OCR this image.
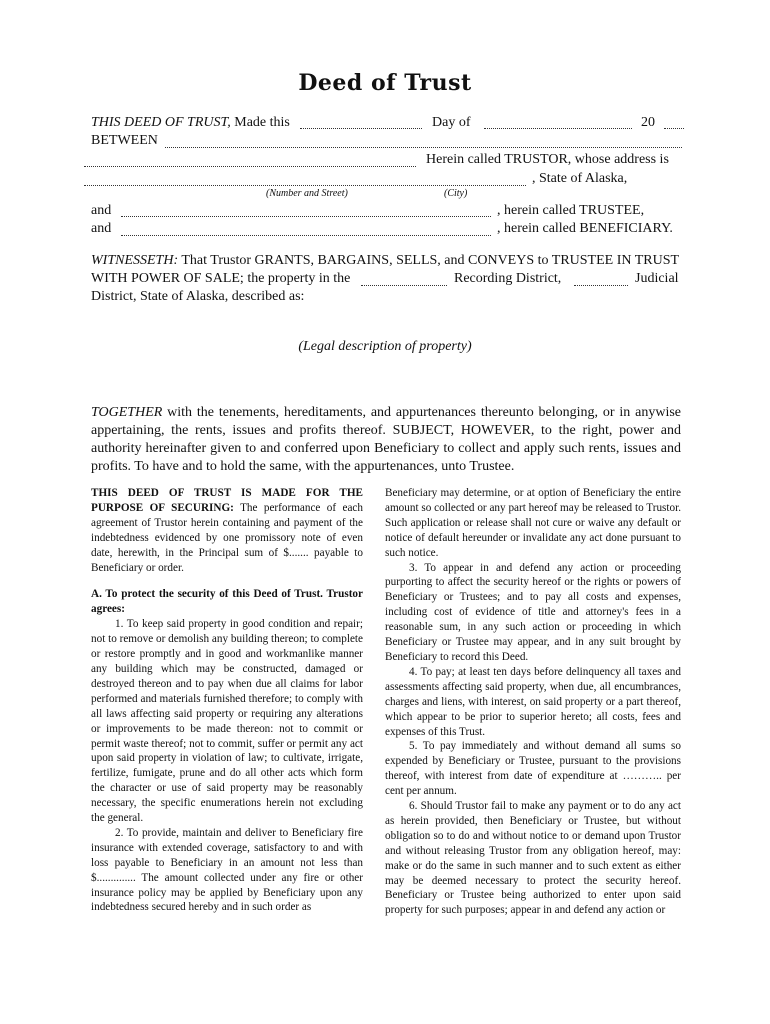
Deed of Trust
THIS DEED OF TRUST, Made this	Day of	20
BETWEEN
Herein called TRUSTOR, whose address is
, State of Alaska,
(Number and Street)	(City)
and	, herein called TRUSTEE,
and	, herein called BENEFICIARY.
WITNESSETH: That Trustor GRANTS, BARGAINS, SELLS, and CONVEYS to TRUSTEE IN TRUST
WITH POWER OF SALE; the property in the	Recording District,	Judicial
District, State of Alaska, described as:
(Legal description of property)
TOGETHER with the tenements, hereditaments, and appurtenances thereunto belonging, or in anywise appertaining, the rents, issues and profits thereof. SUBJECT, HOWEVER, to the right, power and authority hereinafter given to and conferred upon Beneficiary to collect and apply such rents, issues and profits. To have and to hold the same, with the appurtenances, unto Trustee.

THIS DEED OF TRUST IS MADE FOR THE PURPOSE OF SECURING: The performance of each agreement of Trustor herein containing and payment of the indebtedness evidenced by one promissory note of even date, herewith, in the Principal sum of $....... payable to Beneficiary or order.

A. To protect the security of this Deed of Trust. Trustor agrees:

1. To keep said property in good condition and repair; not to remove or demolish any building thereon; to complete or restore promptly and in good and workmanlike manner any building which may be constructed, damaged or destroyed thereon and to pay when due all claims for labor performed and materials furnished therefore; to comply with all laws affecting said property or requiring any alterations or improvements to be made thereon: not to commit or permit waste thereof; not to commit, suffer or permit any act upon said property in violation of law; to cultivate, irrigate, fertilize, fumigate, prune and do all other acts which form the character or use of said property may be reasonably necessary, the specific enumerations herein not excluding the general.

2. To provide, maintain and deliver to Beneficiary fire insurance with extended coverage, satisfactory to and with loss payable to Beneficiary in an amount not less than $.............. The amount collected under any fire or other insurance policy may be applied by Beneficiary upon any indebtedness secured hereby and in such order as

Beneficiary may determine, or at option of Beneficiary the entire amount so collected or any part hereof may be released to Trustor. Such application or release shall not cure or waive any default or notice of default hereunder or invalidate any act done pursuant to such notice.

3. To appear in and defend any action or proceeding purporting to affect the security hereof or the rights or powers of Beneficiary or Trustees; and to pay all costs and expenses, including cost of evidence of title and attorney's fees in a reasonable sum, in any such action or proceeding in which Beneficiary or Trustee may appear, and in any suit brought by Beneficiary to record this Deed.

4. To pay; at least ten days before delinquency all taxes and assessments affecting said property, when due, all encumbrances, charges and liens, with interest, on said property or a part thereof, which appear to be prior to superior hereto; all costs, fees and expenses of this Trust.

5. To pay immediately and without demand all sums so expended by Beneficiary or Trustee, pursuant to the provisions thereof, with interest from date of expenditure at ……….. per cent per annum.

6. Should Trustor fail to make any payment or to do any act as herein provided, then Beneficiary or Trustee, but without obligation so to do and without notice to or demand upon Trustor and without releasing Trustor from any obligation hereof, may: make or do the same in such manner and to such extent as either may be deemed necessary to protect the security hereof. Beneficiary or Trustee being authorized to enter upon said property for such purposes; appear in and defend any action or
